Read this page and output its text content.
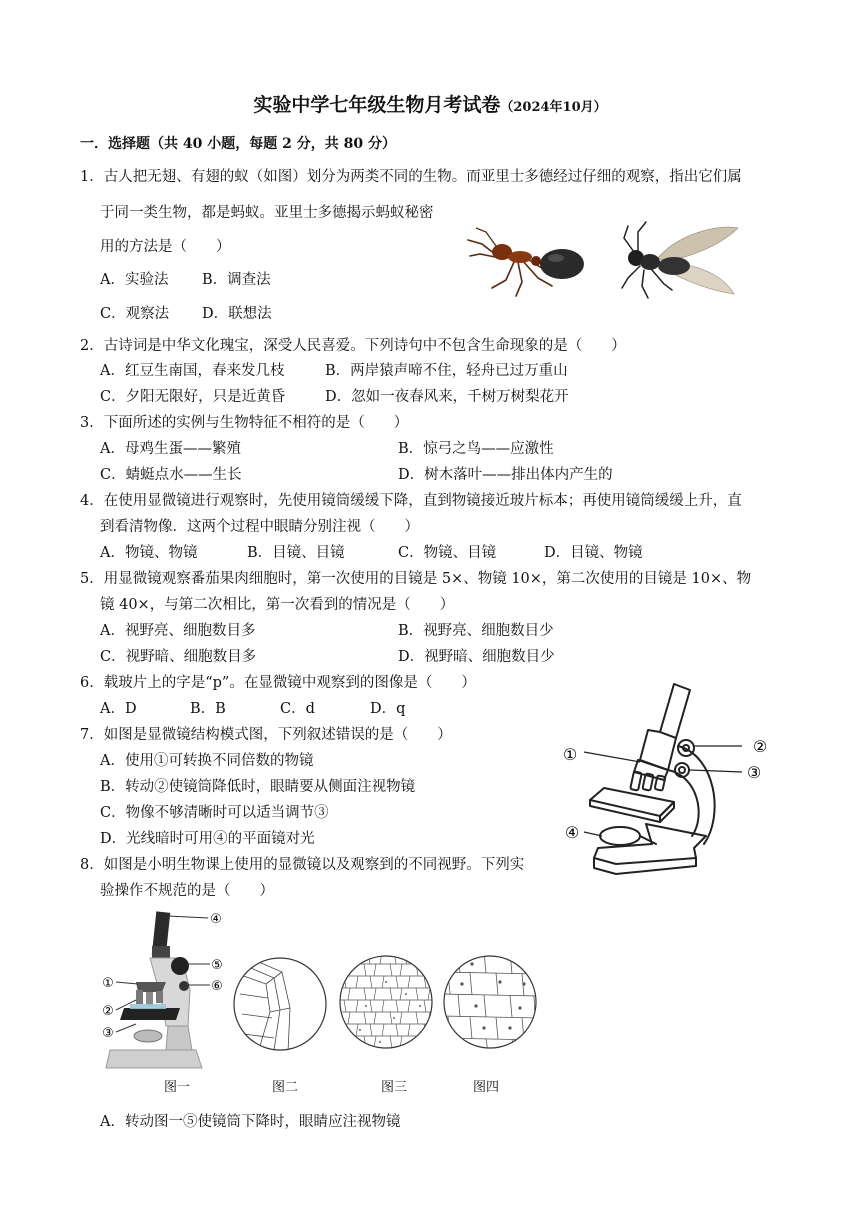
实验中学七年级生物月考试卷（2024年10月）
一．选择题（共 40 小题，每题 2 分，共 80 分）
1．古人把无翅、有翅的蚁（如图）划分为两类不同的生物。而亚里士多德经过仔细的观察，指出它们属
于同一类生物，都是蚂蚁。亚里士多德揭示蚂蚁秘密
用的方法是（　　）
A．实验法 B．调查法
C．观察法 D．联想法
2．古诗词是中华文化瑰宝，深受人民喜爱。下列诗句中不包含生命现象的是（　　）
A．红豆生南国，春来发几枝	B．两岸猿声啼不住，轻舟已过万重山
C．夕阳无限好，只是近黄昏	D．忽如一夜春风来，千树万树梨花开
3．下面所述的实例与生物特征不相符的是（　　）
A．母鸡生蛋——繁殖	B．惊弓之鸟——应激性
C．蜻蜓点水——生长	D．树木落叶——排出体内产生的
4．在使用显微镜进行观察时，先使用镜筒缓缓下降，直到物镜接近玻片标本；再使用镜筒缓缓上升，直
到看清物像．这两个过程中眼睛分别注视（　　）
A．物镜、物镜	B．目镜、目镜	C．物镜、目镜	D．目镜、物镜
5．用显微镜观察番茄果肉细胞时，第一次使用的目镜是 5×、物镜 10×，第二次使用的目镜是 10×、物
镜 40×，与第二次相比，第一次看到的情况是（　　）
A．视野亮、细胞数目多	B．视野亮、细胞数目少
C．视野暗、细胞数目多	D．视野暗、细胞数目少
6．载玻片上的字是“p”。在显微镜中观察到的图像是（　　）
A．D	B．B	C．d	D．q
7．如图是显微镜结构模式图，下列叙述错误的是（　　）
A．使用①可转换不同倍数的物镜
B．转动②使镜筒降低时，眼睛要从侧面注视物镜
C．物像不够清晰时可以适当调节③
D．光线暗时可用④的平面镜对光
①	②
③
④
8．如图是小明生物课上使用的显微镜以及观察到的不同视野。下列实
验操作不规范的是（　　）
④
⑤
⑥
①
②
③
图一	图二	图三	图四
A．转动图一⑤使镜筒下降时，眼睛应注视物镜
